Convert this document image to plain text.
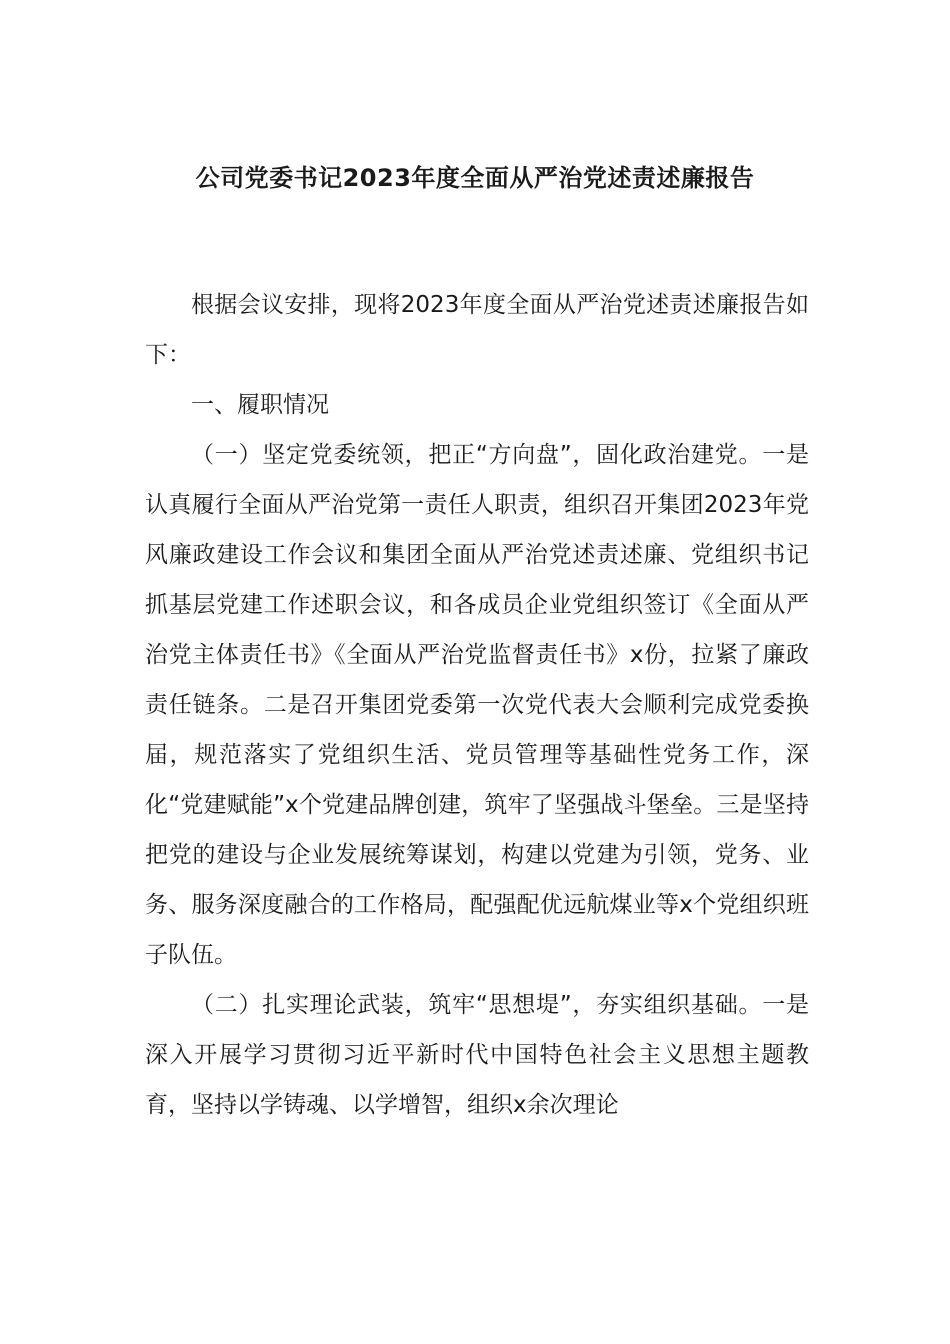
公司党委书记2023年度全面从严治党述责述廉报告

根据会议安排，现将2023年度全面从严治党述责述廉报告如下：

一、履职情况

（一）坚定党委统领，把正“方向盘”，固化政治建党。一是认真履行全面从严治党第一责任人职责，组织召开集团2023年党风廉政建设工作会议和集团全面从严治党述责述廉、党组织书记抓基层党建工作述职会议，和各成员企业党组织签订《全面从严治党主体责任书》《全面从严治党监督责任书》x份，拉紧了廉政责任链条。二是召开集团党委第一次党代表大会顺利完成党委换届，规范落实了党组织生活、党员管理等基础性党务工作，深化“党建赋能”x个党建品牌创建，筑牢了坚强战斗堡垒。三是坚持把党的建设与企业发展统筹谋划，构建以党建为引领，党务、业务、服务深度融合的工作格局，配强配优远航煤业等x个党组织班子队伍。

（二）扎实理论武装，筑牢“思想堤”，夯实组织基础。一是深入开展学习贯彻习近平新时代中国特色社会主义思想主题教育，坚持以学铸魂、以学增智，组织x余次理论
